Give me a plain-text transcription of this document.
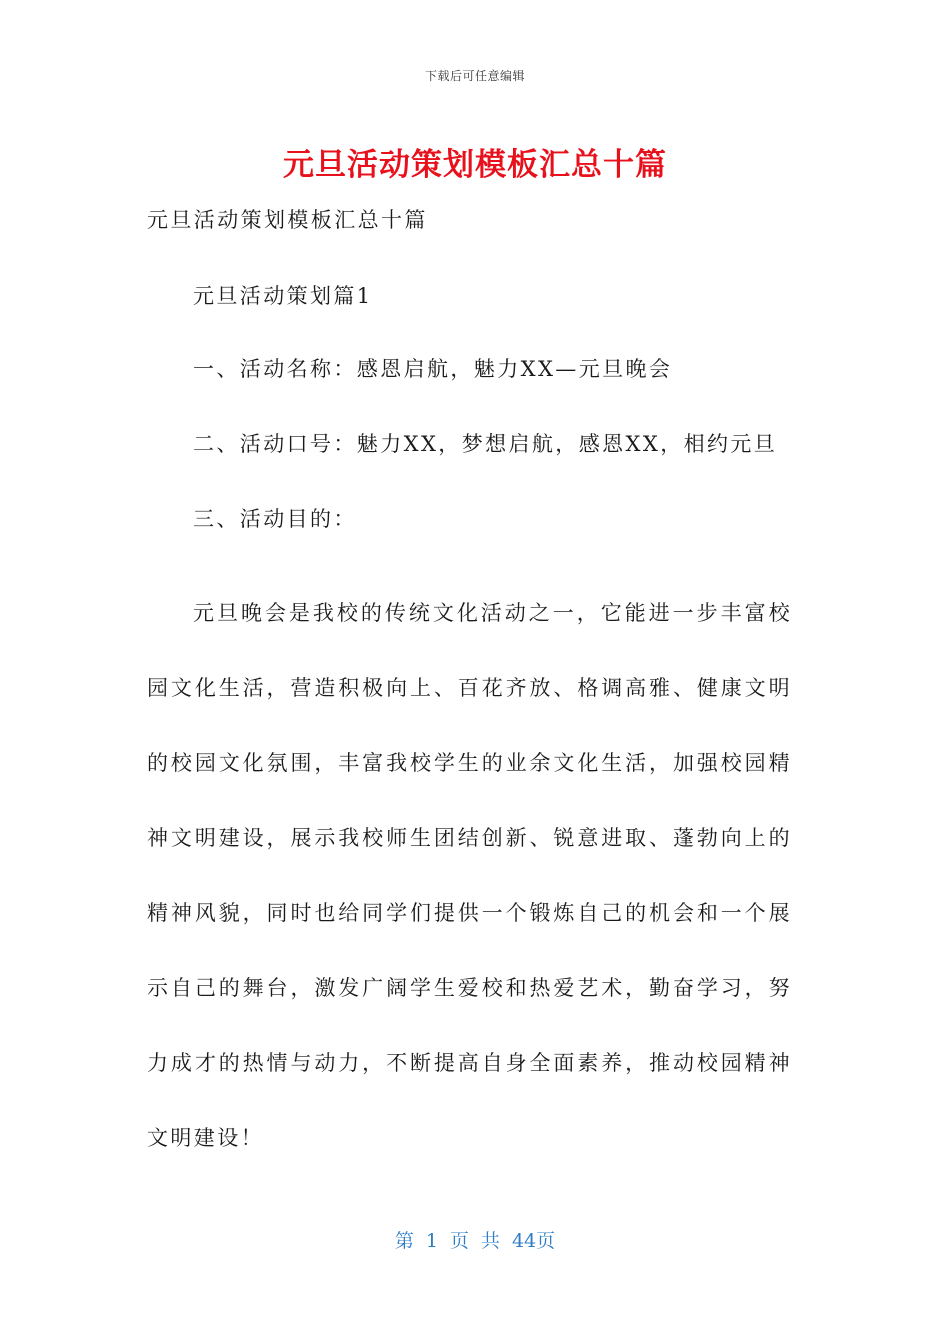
下载后可任意编辑
元旦活动策划模板汇总十篇
元旦活动策划模板汇总十篇
元旦活动策划篇1
一、活动名称：感恩启航，魅力XX—元旦晚会
二、活动口号：魅力XX，梦想启航，感恩XX，相约元旦
三、活动目的：

元旦晚会是我校的传统文化活动之一，它能进一步丰富校园文化生活，营造积极向上、百花齐放、格调高雅、健康文明的校园文化氛围，丰富我校学生的业余文化生活，加强校园精神文明建设，展示我校师生团结创新、锐意进取、蓬勃向上的精神风貌，同时也给同学们提供一个锻炼自己的机会和一个展示自己的舞台，激发广阔学生爱校和热爱艺术，勤奋学习，努力成才的热情与动力，不断提高自身全面素养，推动校园精神文明建设！

第 1 页 共 44页
